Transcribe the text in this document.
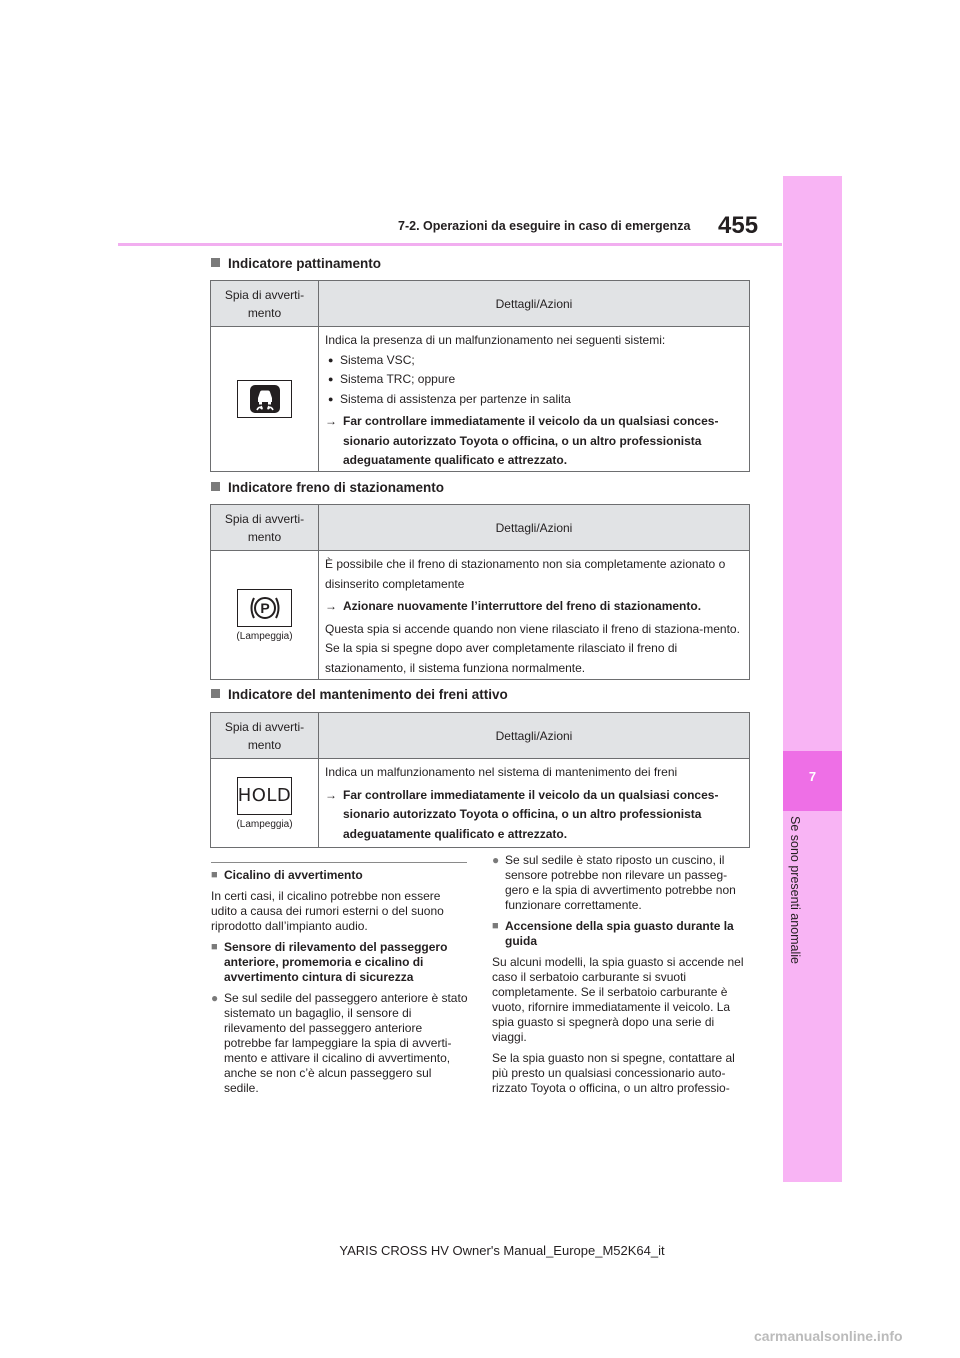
7-2. Operazioni da eseguire in caso di emergenza 455
7
Se sono presenti anomalie
Indicatore pattinamento
Spia di avverti-
mento
Dettagli/Azioni
Indica la presenza di un malfunzionamento nei seguenti sistemi:
● Sistema VSC;
● Sistema TRC; oppure
● Sistema di assistenza per partenze in salita
→ Far controllare immediatamente il veicolo da un qualsiasi conces-sionario autorizzato Toyota o officina, o un altro professionista adeguatamente qualificato e attrezzato.
Indicatore freno di stazionamento
Spia di avverti-
mento
Dettagli/Azioni
P
(Lampeggia)
È possibile che il freno di stazionamento non sia completamente azionato o disinserito completamente
→ Azionare nuovamente l’interruttore del freno di stazionamento.
Questa spia si accende quando non viene rilasciato il freno di staziona-mento. Se la spia si spegne dopo aver completamente rilasciato il freno di stazionamento, il sistema funziona normalmente.
Indicatore del mantenimento dei freni attivo
Spia di avverti-
mento
Dettagli/Azioni
HOLD
(Lampeggia)
Indica un malfunzionamento nel sistema di mantenimento dei freni
→ Far controllare immediatamente il veicolo da un qualsiasi conces-sionario autorizzato Toyota o officina, o un altro professionista adeguatamente qualificato e attrezzato.
■ Cicalino di avvertimento
In certi casi, il cicalino potrebbe non essere udito a causa dei rumori esterni o del suono riprodotto dall’impianto audio.
■ Sensore di rilevamento del passeggero anteriore, promemoria e cicalino di avvertimento cintura di sicurezza
● Se sul sedile del passeggero anteriore è stato sistemato un bagaglio, il sensore di rilevamento del passeggero anteriore potrebbe far lampeggiare la spia di avverti-mento e attivare il cicalino di avvertimento, anche se non c’è alcun passeggero sul sedile.
● Se sul sedile è stato riposto un cuscino, il sensore potrebbe non rilevare un passeg-gero e la spia di avvertimento potrebbe non funzionare correttamente.
■ Accensione della spia guasto durante la guida
Su alcuni modelli, la spia guasto si accende nel caso il serbatoio carburante si svuoti completamente. Se il serbatoio carburante è vuoto, rifornire immediatamente il veicolo. La spia guasto si spegnerà dopo una serie di viaggi.
Se la spia guasto non si spegne, contattare al più presto un qualsiasi concessionario auto-rizzato Toyota o officina, o un altro professio-
YARIS CROSS HV Owner's Manual_Europe_M52K64_it
carmanualsonline.info
